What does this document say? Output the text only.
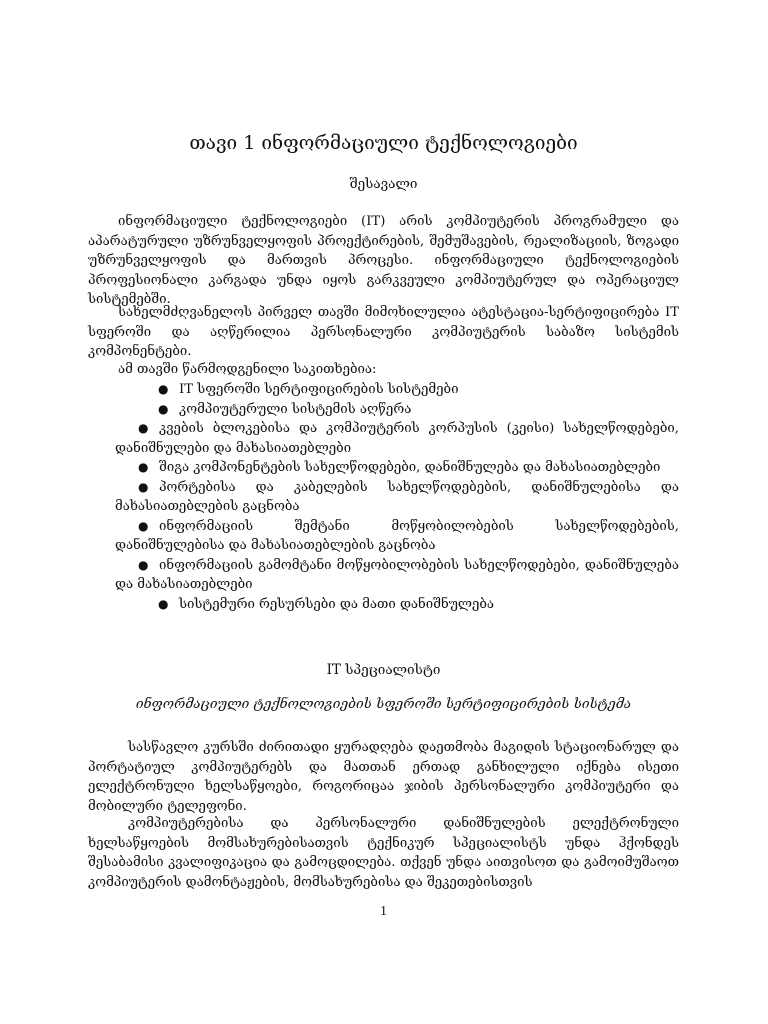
თავი 1 ინფორმაციული ტექნოლოგიები
შესავალი

ინფორმაციული ტექნოლოგიები (IT) არის კომპიუტერის პროგრამული და აპარატურული უზრუნველყოფის პროექტირების, შემუშავების, რეალიზაციის, ზოგადი უზრუნველყოფის და მართვის პროცესი. ინფორმაციული ტექნოლოგიების პროფესიონალი კარგადა უნდა იყოს გარკვეული კომპიუტერულ და ოპერაციულ სისტემებში.

სახელმძღვანელოს პირველ თავში მიმოხილულია ატესტაცია-სერტიფიცირება IT სფეროში და აღწერილია პერსონალური კომპიუტერის საბაზო სისტემის კომპონენტები.

ამ თავში წარმოდგენილი საკითხებია:

● IT სფეროში სერტიფიცირების სისტემები
● კომპიუტერული სისტემის აღწერა
● კვების ბლოკებისა და კომპიუტერის კორპუსის (კეისი) სახელწოდებები, დანიშნულები და მახასიათებლები
● შიგა კომპონენტების სახელწოდებები, დანიშნულება და მახასიათებლები
● პორტებისა და კაბელების სახელწოდებების, დანიშნულებისა და მახასიათებლების გაცნობა
● ინფორმაციის შემტანი მოწყობილობების სახელწოდებების, დანიშნულებისა და მახასიათებლების გაცნობა
● ინფორმაციის გამომტანი მოწყობილობების სახელწოდებები, დანიშნულება და მახასიათებლები
● სისტემური რესურსები და მათი დანიშნულება
IT სპეციალისტი
ინფორმაციული ტექნოლოგიების სფეროში სერტიფიცირების სისტემა

სასწავლო კურსში ძირითადი ყურადღება დაეთმობა მაგიდის სტაციონარულ და პორტატიულ კომპიუტერებს და მათთან ერთად განხილული იქნება ისეთი ელექტრონული ხელსაწყოები, როგორიცაა ჯიბის პერსონალური კომპიუტერი და მობილური ტელეფონი.

კომპიუტერებისა და პერსონალური დანიშნულების ელექტრონული ხელსაწყოების მომსახურებისათვის ტექნიკურ სპეციალისტს უნდა ჰქონდეს შესაბამისი კვალიფიკაცია და გამოცდილება. თქვენ უნდა აითვისოთ და გამოიმუშაოთ კომპიუტერის დამონტაჟების, მომსახურებისა და შეკეთებისთვის

1
